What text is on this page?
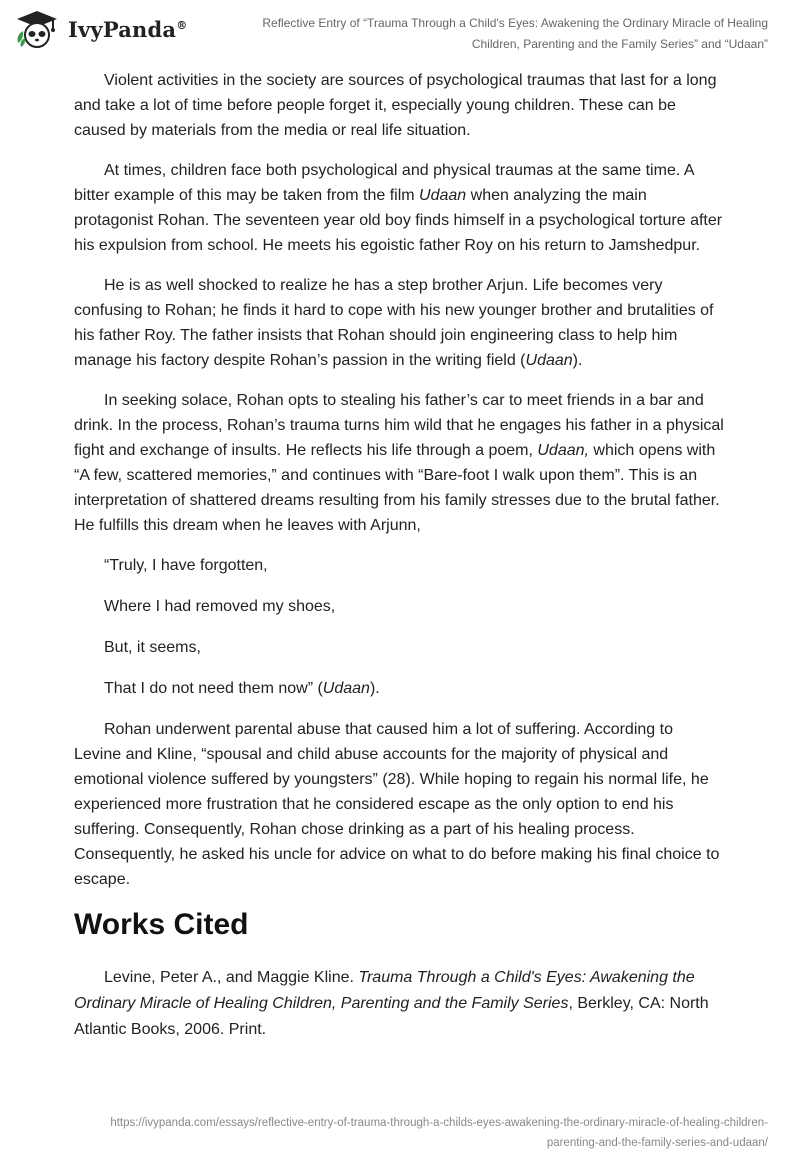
IvyPanda®	Reflective Entry of “Trauma Through a Child's Eyes: Awakening the Ordinary Miracle of Healing
Children, Parenting and the Family Series” and “Udaan”

Violent activities in the society are sources of psychological traumas that last for a long and take a lot of time before people forget it, especially young children. These can be caused by materials from the media or real life situation.

At times, children face both psychological and physical traumas at the same time. A bitter example of this may be taken from the film Udaan when analyzing the main protagonist Rohan. The seventeen year old boy finds himself in a psychological torture after his expulsion from school. He meets his egoistic father Roy on his return to Jamshedpur.

He is as well shocked to realize he has a step brother Arjun. Life becomes very confusing to Rohan; he finds it hard to cope with his new younger brother and brutalities of his father Roy. The father insists that Rohan should join engineering class to help him manage his factory despite Rohan’s passion in the writing field (Udaan).

In seeking solace, Rohan opts to stealing his father’s car to meet friends in a bar and drink. In the process, Rohan’s trauma turns him wild that he engages his father in a physical fight and exchange of insults. He reflects his life through a poem, Udaan, which opens with “A few, scattered memories,” and continues with “Bare-foot I walk upon them”. This is an interpretation of shattered dreams resulting from his family stresses due to the brutal father. He fulfills this dream when he leaves with Arjunn,

“Truly, I have forgotten,

Where I had removed my shoes,

But, it seems,

That I do not need them now” (Udaan).

Rohan underwent parental abuse that caused him a lot of suffering. According to Levine and Kline, “spousal and child abuse accounts for the majority of physical and emotional violence suffered by youngsters” (28). While hoping to regain his normal life, he experienced more frustration that he considered escape as the only option to end his suffering. Consequently, Rohan chose drinking as a part of his healing process. Consequently, he asked his uncle for advice on what to do before making his final choice to escape.

Works Cited

Levine, Peter A., and Maggie Kline. Trauma Through a Child's Eyes: Awakening the Ordinary Miracle of Healing Children, Parenting and the Family Series, Berkley, CA: North Atlantic Books, 2006. Print.

https://ivypanda.com/essays/reflective-entry-of-trauma-through-a-childs-eyes-awakening-the-ordinary-miracle-of-healing-children-
parenting-and-the-family-series-and-udaan/
